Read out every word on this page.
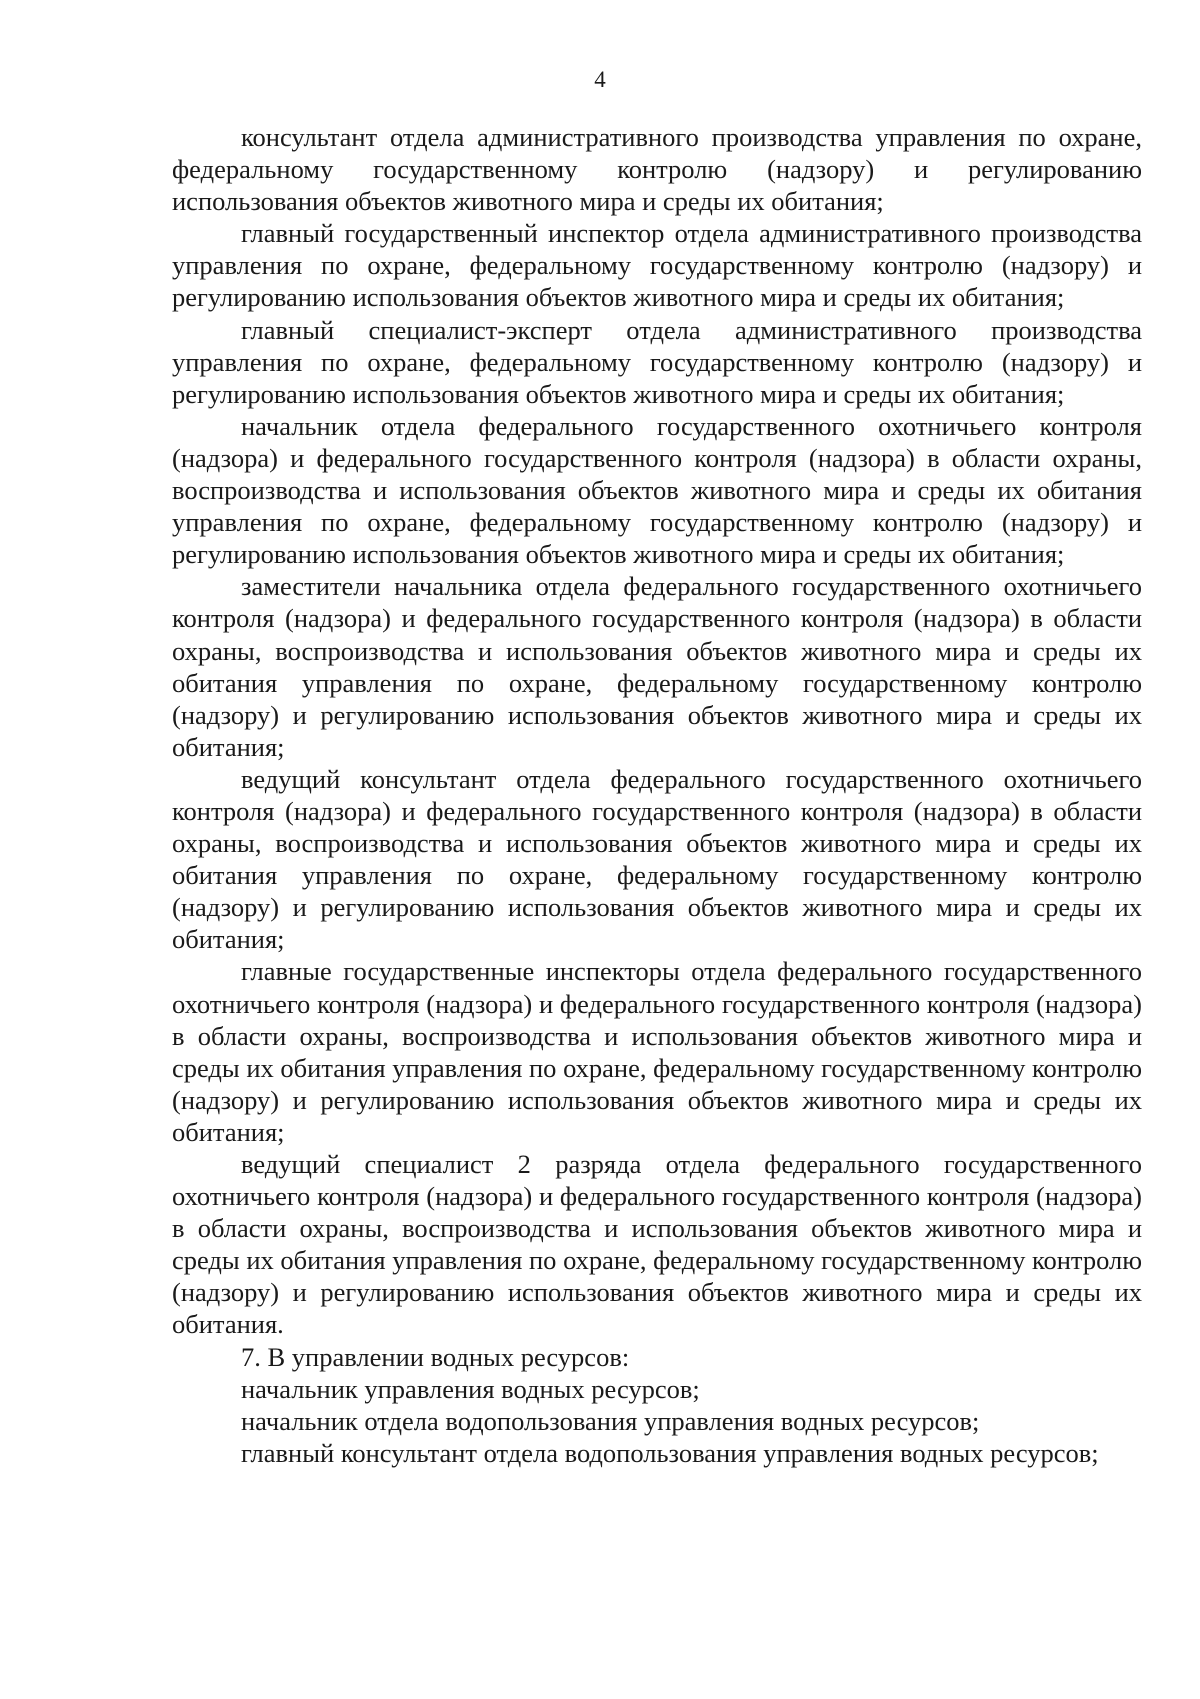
4

консультант отдела административного производства управления по охране, федеральному государственному контролю (надзору) и регулированию использования объектов животного мира и среды их обитания;

главный государственный инспектор отдела административного производства управления по охране, федеральному государственному контролю (надзору) и регулированию использования объектов животного мира и среды их обитания;

главный специалист-эксперт отдела административного производства управления по охране, федеральному государственному контролю (надзору) и регулированию использования объектов животного мира и среды их обитания;

начальник отдела федерального государственного охотничьего контроля (надзора) и федерального государственного контроля (надзора) в области охраны, воспроизводства и использования объектов животного мира и среды их обитания управления по охране, федеральному государственному контролю (надзору) и регулированию использования объектов животного мира и среды их обитания;

заместители начальника отдела федерального государственного охотничьего контроля (надзора) и федерального государственного контроля (надзора) в области охраны, воспроизводства и использования объектов животного мира и среды их обитания управления по охране, федеральному государственному контролю (надзору) и регулированию использования объектов животного мира и среды их обитания;

ведущий консультант отдела федерального государственного охотничьего контроля (надзора) и федерального государственного контроля (надзора) в области охраны, воспроизводства и использования объектов животного мира и среды их обитания управления по охране, федеральному государственному контролю (надзору) и регулированию использования объектов животного мира и среды их обитания;

главные государственные инспекторы отдела федерального государственного охотничьего контроля (надзора) и федерального государственного контроля (надзора) в области охраны, воспроизводства и использования объектов животного мира и среды их обитания управления по охране, федеральному государственному контролю (надзору) и регулированию использования объектов животного мира и среды их обитания;

ведущий специалист 2 разряда отдела федерального государственного охотничьего контроля (надзора) и федерального государственного контроля (надзора) в области охраны, воспроизводства и использования объектов животного мира и среды их обитания управления по охране, федеральному государственному контролю (надзору) и регулированию использования объектов животного мира и среды их обитания.

7. В управлении водных ресурсов:

начальник управления водных ресурсов;

начальник отдела водопользования управления водных ресурсов;

главный консультант отдела водопользования управления водных ресурсов;
